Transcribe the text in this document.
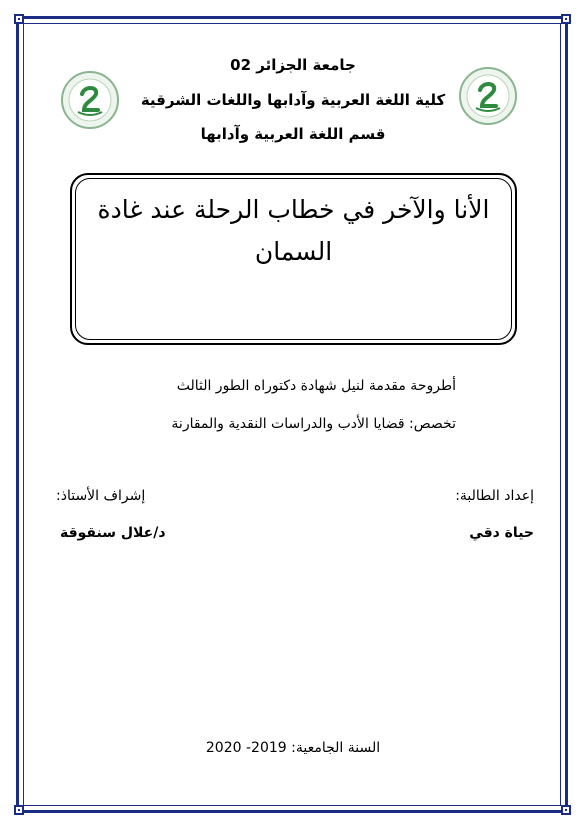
جامعة الجزائر 02
كلية اللغة العربية وآدابها واللغات الشرقية
قسم اللغة العربية وآدابها
الأنا والآخر في خطاب الرحلة عند غادة السمان
أطروحة مقدمة لنيل شهادة دكتوراه الطور الثالث
تخصص: قضايا الأدب والدراسات النقدية والمقارنة
إعداد الطالبة:
إشراف الأستاذ:
حياة دقي
د/علال سنقوقة
السنة الجامعية: 2019- 2020
